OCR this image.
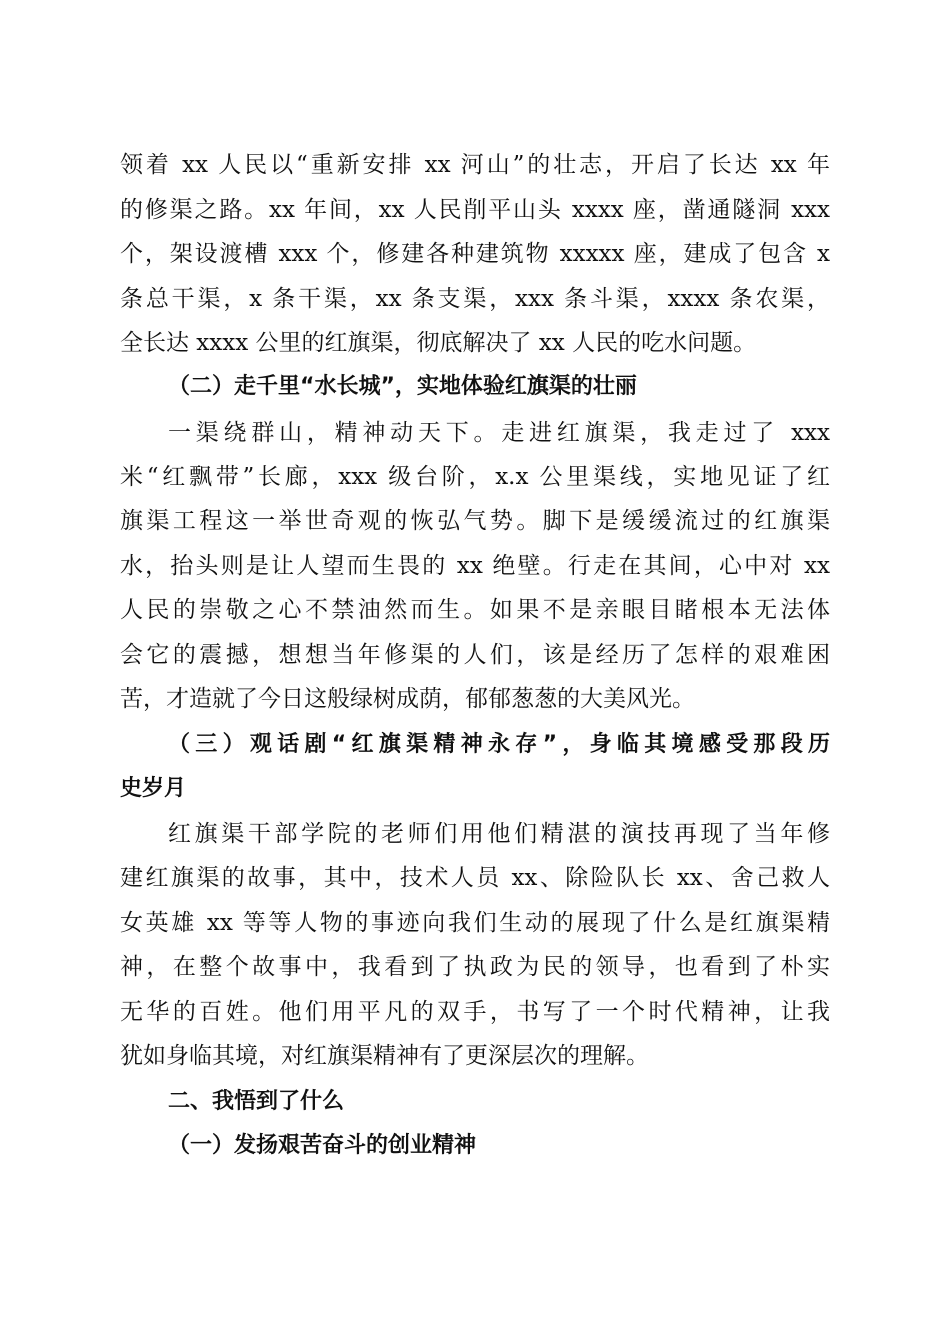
领着 xx 人民以“重新安排 xx 河山”的壮志，开启了长达 xx 年
的修渠之路。xx 年间，xx 人民削平山头 xxxx 座，凿通隧洞 xxx
个，架设渡槽 xxx 个，修建各种建筑物 xxxxx 座，建成了包含 x
条总干渠，x 条干渠，xx 条支渠，xxx 条斗渠，xxxx 条农渠，
全长达 xxxx 公里的红旗渠，彻底解决了 xx 人民的吃水问题。
（二）走千里“水长城”，实地体验红旗渠的壮丽
一渠绕群山，精神动天下。走进红旗渠，我走过了 xxx
米“红飘带”长廊，xxx 级台阶，x.x 公里渠线，实地见证了红
旗渠工程这一举世奇观的恢弘气势。脚下是缓缓流过的红旗渠
水，抬头则是让人望而生畏的 xx 绝壁。行走在其间，心中对 xx
人民的崇敬之心不禁油然而生。如果不是亲眼目睹根本无法体
会它的震撼，想想当年修渠的人们，该是经历了怎样的艰难困
苦，才造就了今日这般绿树成荫，郁郁葱葱的大美风光。
（三）观话剧“红旗渠精神永存”，身临其境感受那段历
史岁月
红旗渠干部学院的老师们用他们精湛的演技再现了当年修
建红旗渠的故事，其中，技术人员 xx、除险队长 xx、舍己救人
女英雄 xx 等等人物的事迹向我们生动的展现了什么是红旗渠精
神，在整个故事中，我看到了执政为民的领导，也看到了朴实
无华的百姓。他们用平凡的双手，书写了一个时代精神，让我
犹如身临其境，对红旗渠精神有了更深层次的理解。
二、我悟到了什么
（一）发扬艰苦奋斗的创业精神
